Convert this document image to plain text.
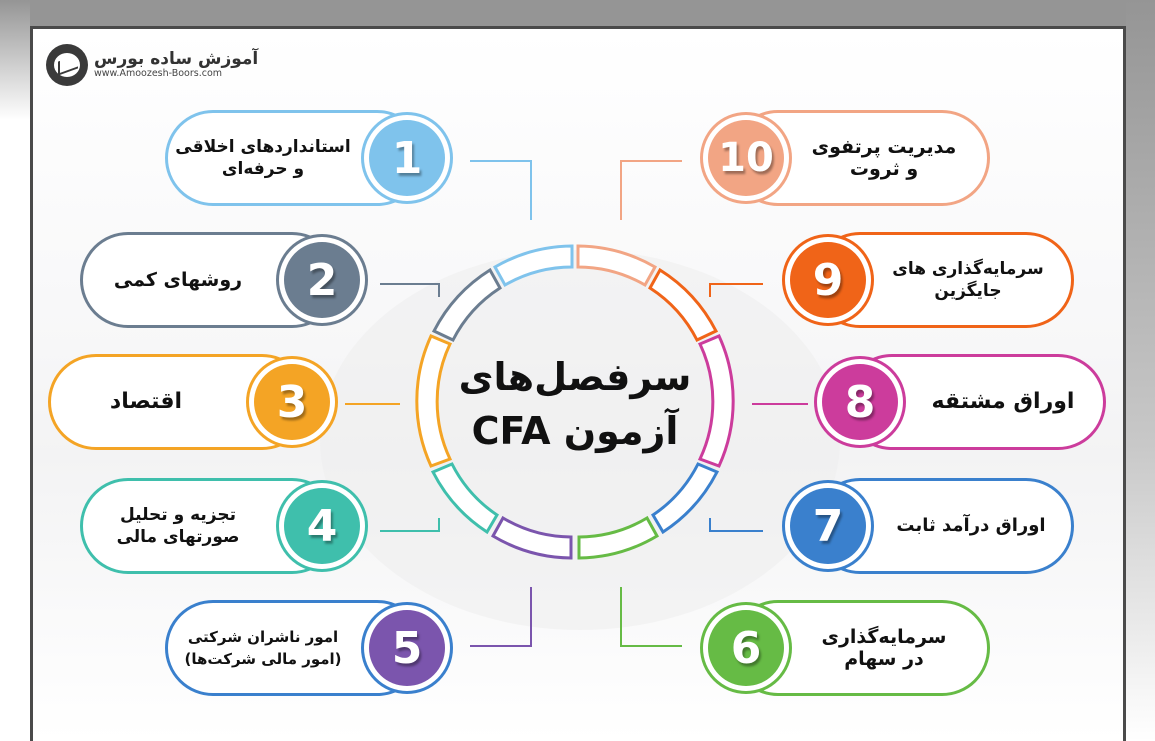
آموزش ساده بورس
www.Amoozesh-Boors.com
سرفصل‌های
آزمون CFA
1
استانداردهای اخلاقی
و حرفه‌ای
2
روشهای کمی
3
اقتصاد
4
تجزیه و تحلیل
صورتهای مالی
5
امور ناشران شرکتی
(امور مالی شرکت‌ها)
10	مدیریت پرتفوی
و ثروت
9	سرمایه‌گذاری های
جایگزین
8	اوراق مشتقه
7	اوراق درآمد ثابت
6	سرمایه‌گذاری
در سهام
